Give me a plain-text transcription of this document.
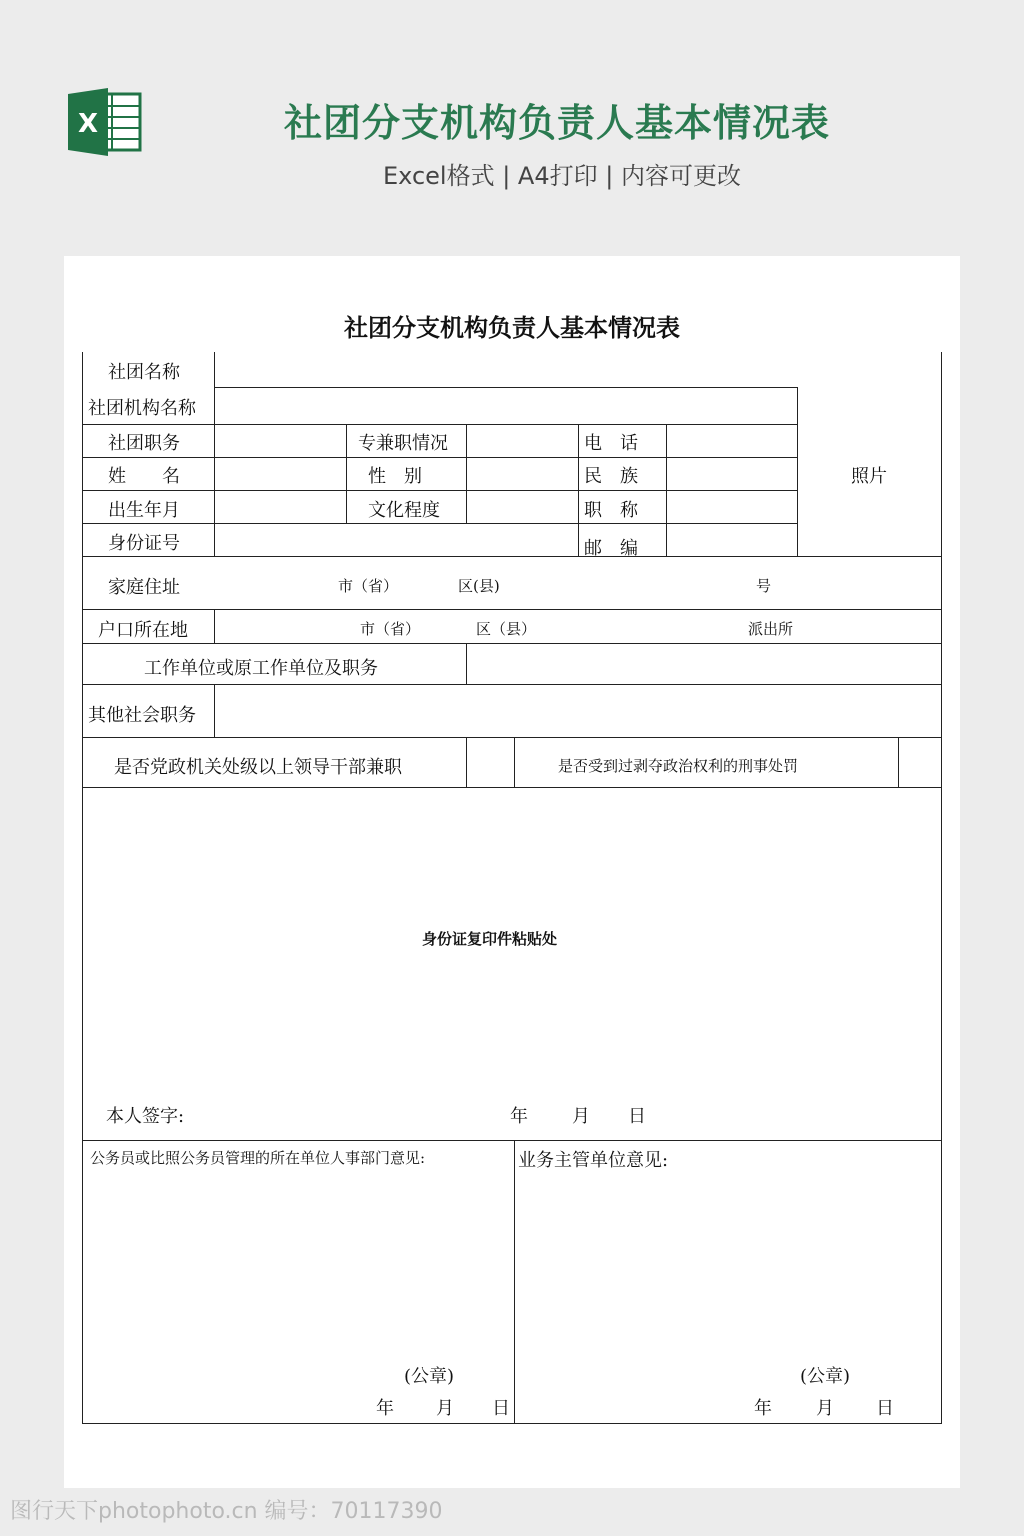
X	社团分支机构负责人基本情况表
Excel格式 | A4打印 | 内容可更改
社团分支机构负责人基本情况表
社团名称
社团机构名称
社团职务	专兼职情况	电　话
姓　　名	性　别	民　族	照片
出生年月	文化程度	职　称
身份证号	邮　编
家庭住址	市（省）	区(县)	号
户口所在地	市（省）	区（县）	派出所
工作单位或原工作单位及职务
其他社会职务
是否党政机关处级以上领导干部兼职	是否受到过剥夺政治权利的刑事处罚
身份证复印件粘贴处
本人签字:	年 月 日
公务员或比照公务员管理的所在单位人事部门意见:
(公章)
年 月 日
业务主管单位意见:
(公章)
年 月 日
图行天下photophoto.cn 编号：70117390
